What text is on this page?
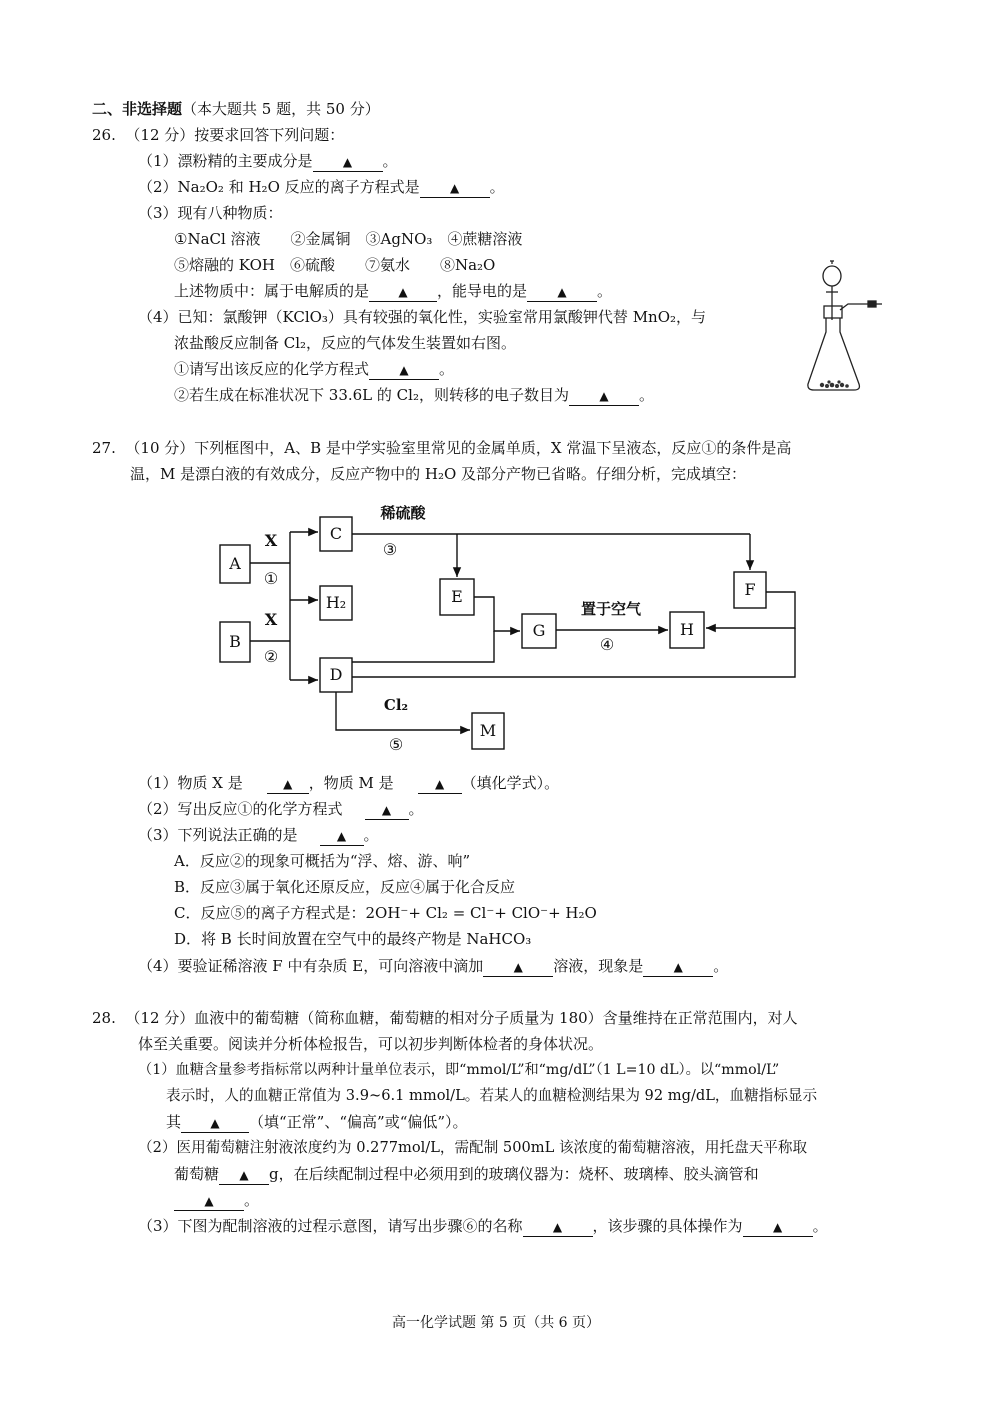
二、非选择题（本大题共 5 题，共 50 分）
26. （12 分）按要求回答下列问题：
（1）漂粉精的主要成分是	▲ 。
（2）Na₂O₂ 和 H₂O 反应的离子方程式是	▲ 。
（3）现有八种物质：
①NaCl 溶液　　②金属铜　③AgNO₃　④蔗糖溶液
⑤熔融的 KOH　⑥硫酸　　⑦氨水　　⑧Na₂O
上述物质中：属于电解质的是 ▲ ，能导电的是	▲ 。
（4）已知：氯酸钾（KClO₃）具有较强的氧化性，实验室常用氯酸钾代替 MnO₂，与
浓盐酸反应制备 Cl₂，反应的气体发生装置如右图。
①请写出该反应的化学方程式	▲ 。
②若生成在标准状况下 33.6L 的 Cl₂，则转移的电子数目为	▲ 。
27. （10 分）下列框图中，A、B 是中学实验室里常见的金属单质，X 常温下呈液态，反应①的条件是高
温，M 是漂白液的有效成分，反应产物中的 H₂O 及部分产物已省略。仔细分析，完成填空：
A
C
H₂
B
D
E
G	H
F
M
X
①
X
②
稀硫酸
③
置于空气
④
Cl₂
⑤
（1）物质 X 是	▲ ，物质 M 是	▲ （填化学式）。
（2）写出反应①的化学方程式	▲ 。
（3）下列说法正确的是	▲ 。
A．反应②的现象可概括为“浮、熔、游、响”
B．反应③属于氧化还原反应，反应④属于化合反应
C．反应⑤的离子方程式是：2OH⁻+ Cl₂ = Cl⁻+ ClO⁻+ H₂O
D．将 B 长时间放置在空气中的最终产物是 NaHCO₃
（4）要验证稀溶液 F 中有杂质 E，可向溶液中滴加	▲ 溶液，现象是	▲ 。
28. （12 分）血液中的葡萄糖（简称血糖，葡萄糖的相对分子质量为 180）含量维持在正常范围内，对人
体至关重要。阅读并分析体检报告，可以初步判断体检者的身体状况。
（1）血糖含量参考指标常以两种计量单位表示，即“mmol/L”和“mg/dL”（1 L=10 dL）。以“mmol/L”
表示时，人的血糖正常值为 3.9~6.1 mmol/L。若某人的血糖检测结果为 92 mg/dL，血糖指标显示
其 ▲ （填“正常”、“偏高”或“偏低”）。
（2）医用葡萄糖注射液浓度约为 0.277mol/L，需配制 500mL 该浓度的葡萄糖溶液，用托盘天平称取
葡萄糖 ▲ g，在后续配制过程中必须用到的玻璃仪器为：烧杯、玻璃棒、胶头滴管和
▲ 。
（3）下图为配制溶液的过程示意图，请写出步骤⑥的名称	▲ ，该步骤的具体操作为	▲ 。
高一化学试题 第 5 页（共 6 页）
